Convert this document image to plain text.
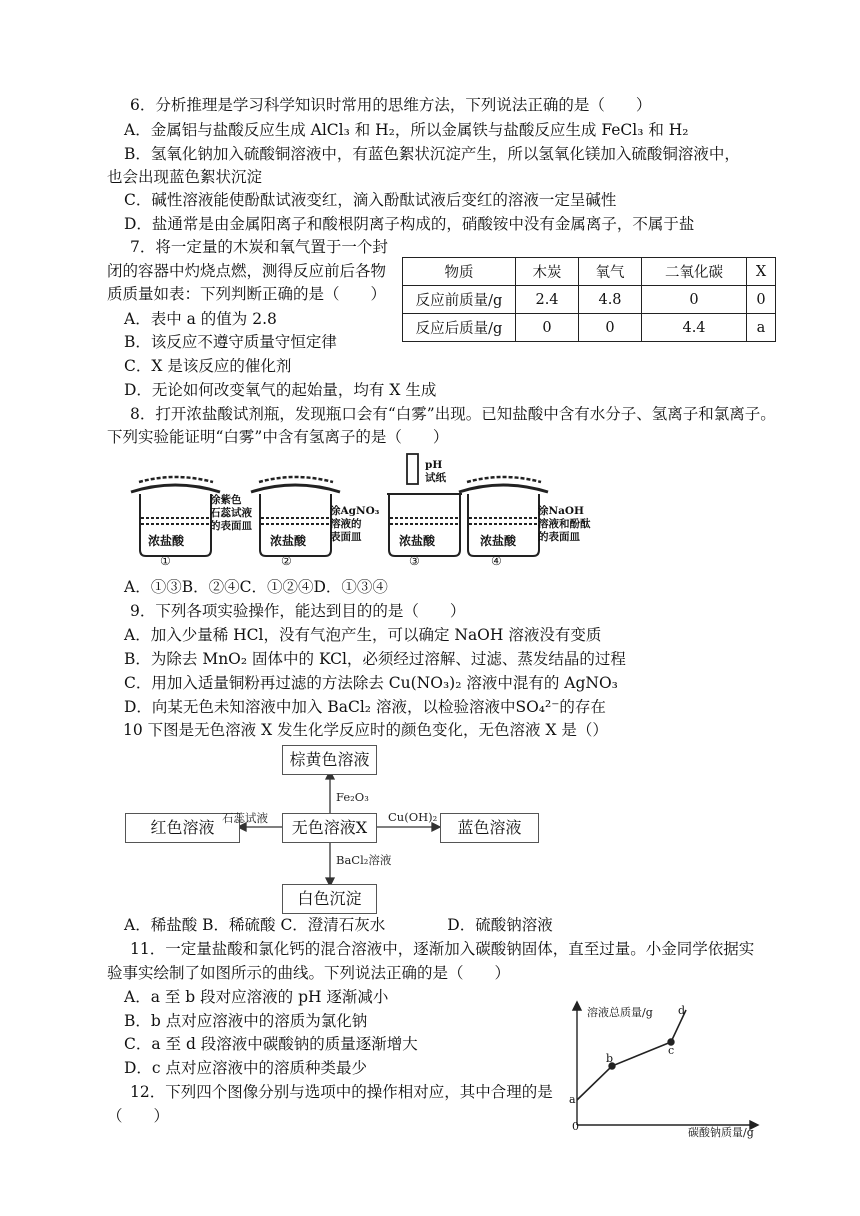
6．分析推理是学习科学知识时常用的思维方法，下列说法正确的是（　　）
A．金属铝与盐酸反应生成 AlCl₃ 和 H₂，所以金属铁与盐酸反应生成 FeCl₃ 和 H₂
B．氢氧化钠加入硫酸铜溶液中，有蓝色絮状沉淀产生，所以氢氧化镁加入硫酸铜溶液中，
也会出现蓝色絮状沉淀
C．碱性溶液能使酚酞试液变红，滴入酚酞试液后变红的溶液一定呈碱性
D．盐通常是由金属阳离子和酸根阴离子构成的，硝酸铵中没有金属离子，不属于盐
7．将一定量的木炭和氧气置于一个封
闭的容器中灼烧点燃，测得反应前后各物
质质量如表：下列判断正确的是（　　）
A．表中 a 的值为 2.8
B．该反应不遵守质量守恒定律
C．X 是该反应的催化剂
D．无论如何改变氧气的起始量，均有 X 生成
物质	木炭	氧气	二氧化碳	X
反应前质量/g	2.4	4.8	0	0
反应后质量/g	0	0	4.4	a
8．打开浓盐酸试剂瓶，发现瓶口会有“白雾”出现。已知盐酸中含有水分子、氢离子和氯离子。
下列实验能证明“白雾”中含有氢离子的是（　　）
浓盐酸	浓盐酸	浓盐酸	浓盐酸
涂紫色
石蕊试液
的表面皿
涂AgNO₃
溶液的
表面皿
pH
试纸
涂NaOH
溶液和酚酞
的表面皿
①	②	③	④
A．①③B．②④C．①②④D．①③④
9．下列各项实验操作，能达到目的的是（　　）
A．加入少量稀 HCl，没有气泡产生，可以确定 NaOH 溶液没有变质
B．为除去 MnO₂ 固体中的 KCl，必须经过溶解、过滤、蒸发结晶的过程
C．用加入适量铜粉再过滤的方法除去 Cu(NO₃)₂ 溶液中混有的 AgNO₃
D．向某无色未知溶液中加入 BaCl₂ 溶液，以检验溶液中SO₄²⁻的存在
10 下图是无色溶液 X 发生化学反应时的颜色变化，无色溶液 X 是（）
棕黄色溶液
无色溶液X
红色溶液	蓝色溶液
白色沉淀
Fe₂O₃
石蕊试液	Cu(OH)₂
BaCl₂溶液
A．稀盐酸 B．稀硫酸 C．澄清石灰水　　　　D．硫酸钠溶液
11．一定量盐酸和氯化钙的混合溶液中，逐渐加入碳酸钠固体，直至过量。小金同学依据实
验事实绘制了如图所示的曲线。下列说法正确的是（　　）
A．a 至 b 段对应溶液的 pH 逐渐减小
B．b 点对应溶液中的溶质为氯化钠
C．a 至 d 段溶液中碳酸钠的质量逐渐增大
D．c 点对应溶液中的溶质种类最少
溶液总质量/g
碳酸钠质量/g
0
a
b
c
d
12．下列四个图像分别与选项中的操作相对应，其中合理的是
（　　）
